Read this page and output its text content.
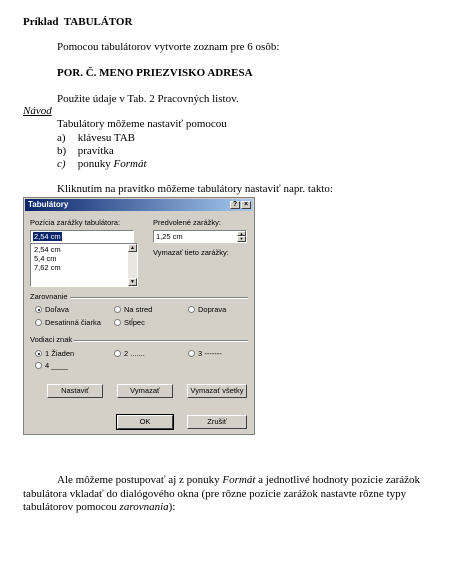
Príklad TABULÁTOR
Pomocou tabulátorov vytvorte zoznam pre 6 osôb:
POR. Č. MENO PRIEZVISKO ADRESA
Použite údaje v Tab. 2 Pracovných listov.
Návod
Tabulátory môžeme nastaviť pomocou
a) klávesu TAB
b) pravítka
c) ponuky Formát
Kliknutím na pravítko môžeme tabulátory nastaviť napr. takto:
Tabulátory	? ×
Pozícia zarážky tabulátora:
2,54 cm
2,54 cm
5,4 cm
7,62 cm
▲
▼
Predvolené zarážky:
1,25 cm	▲
▼
Vymazať tieto zarážky:
Zarovnanie
Doľava	Na stred	Doprava
Desatinná čiarka	Stĺpec
Vodiaci znak
1 Žiaden	2 .......	3 -------
4 ____
Nastaviť	Vymazať	Vymazať všetky
OK	Zrušiť
Ale môžeme postupovať aj z ponuky Formát a jednotlivé hodnoty pozície zarážok
tabulátora vkladať do dialógového okna (pre rôzne pozície zarážok nastavte rôzne typy
tabulátorov pomocou zarovnania):
